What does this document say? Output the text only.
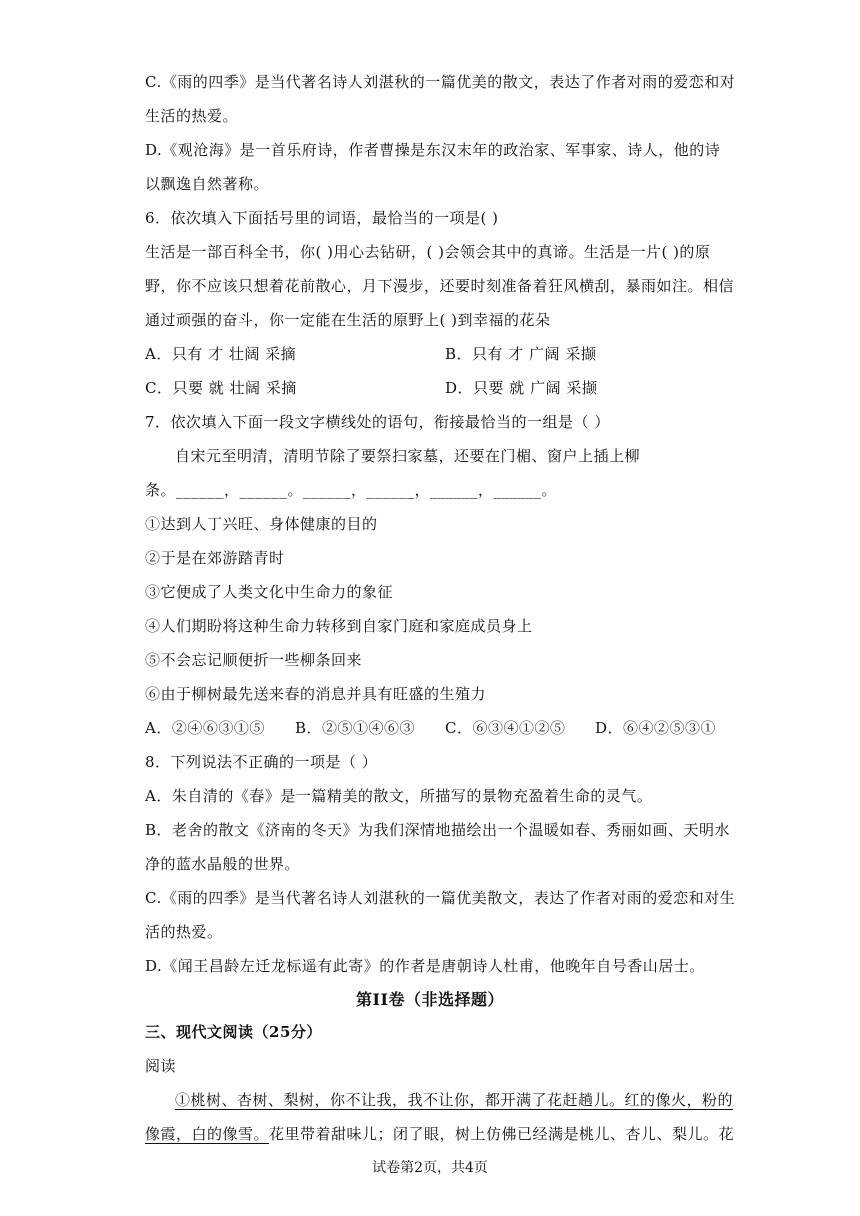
C.《雨的四季》是当代著名诗人刘湛秋的一篇优美的散文，表达了作者对雨的爱恋和对
生活的热爱。
D.《观沧海》是一首乐府诗，作者曹操是东汉末年的政治家、军事家、诗人，他的诗
以飘逸自然著称。
6．依次填入下面括号里的词语，最恰当的一项是( )
生活是一部百科全书，你( )用心去钻研，( )会领会其中的真谛。生活是一片( )的原
野，你不应该只想着花前散心，月下漫步，还要时刻准备着狂风横刮，暴雨如注。相信
通过顽强的奋斗，你一定能在生活的原野上( )到幸福的花朵
A．只有 才 壮阔 采摘	B．只有 才 广阔 采撷
C．只要 就 壮阔 采摘	D．只要 就 广阔 采撷
7．依次填入下面一段文字横线处的语句，衔接最恰当的一组是（ ）
自宋元至明清，清明节除了要祭扫家墓，还要在门楣、窗户上插上柳
条。______，______。______，______，______，______。
①达到人丁兴旺、身体健康的目的
②于是在郊游踏青时
③它便成了人类文化中生命力的象征
④人们期盼将这种生命力转移到自家门庭和家庭成员身上
⑤不会忘记顺便折一些柳条回来
⑥由于柳树最先送来春的消息并具有旺盛的生殖力
A．②④⑥③①⑤	B．②⑤①④⑥③	C．⑥③④①②⑤	D．⑥④②⑤③①
8．下列说法不正确的一项是（ ）
A．朱自清的《春》是一篇精美的散文，所描写的景物充盈着生命的灵气。
B．老舍的散文《济南的冬天》为我们深情地描绘出一个温暖如春、秀丽如画、天明水
净的蓝水晶般的世界。
C.《雨的四季》是当代著名诗人刘湛秋的一篇优美散文，表达了作者对雨的爱恋和对生
活的热爱。
D.《闻王昌龄左迁龙标遥有此寄》的作者是唐朝诗人杜甫，他晚年自号香山居士。
第II卷（非选择题）
三、现代文阅读（25分）
阅读
①桃树、杏树、梨树，你不让我，我不让你，都开满了花赶趟儿。红的像火，粉的
像霞，白的像雪。花里带着甜味儿；闭了眼，树上仿佛已经满是桃儿、杏儿、梨儿。花
试卷第2页，共4页
